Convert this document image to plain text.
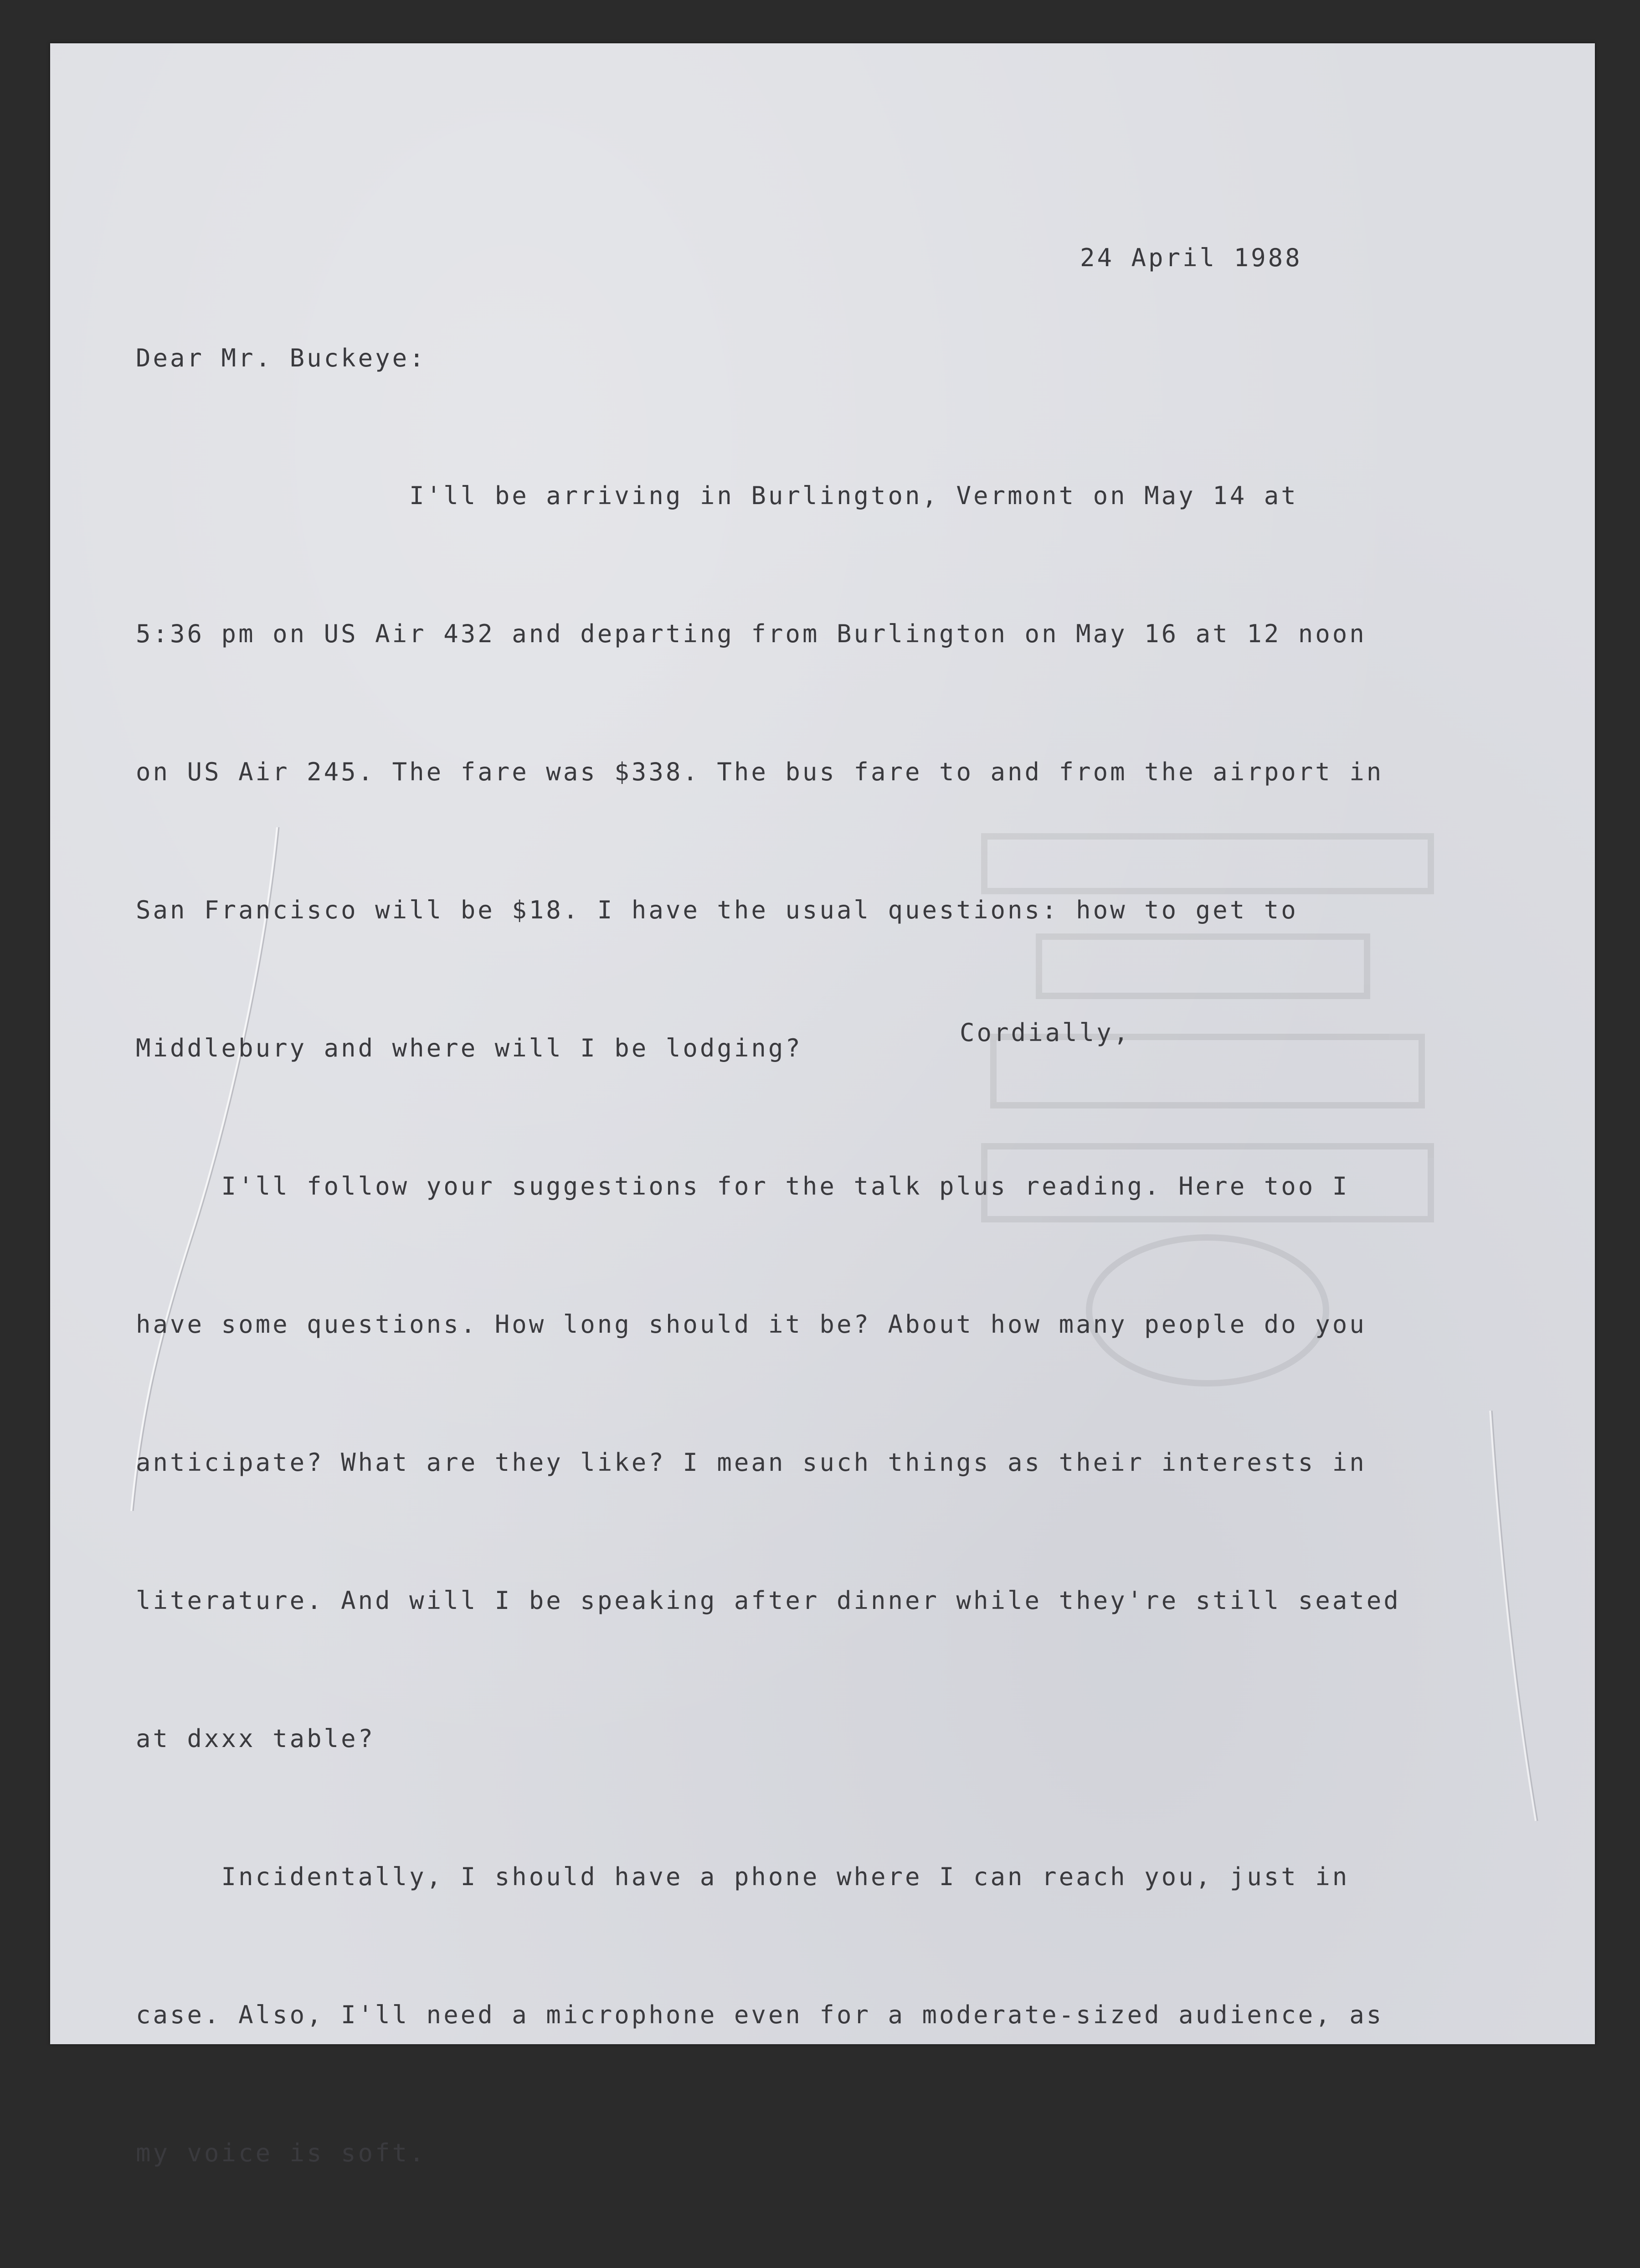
24 April 1988
Dear Mr. Buckeye:

I'll be arriving in Burlington, Vermont on May 14 at

5:36 pm on US Air 432 and departing from Burlington on May 16 at 12 noon

on US Air 245. The fare was $338. The bus fare to and from the airport in

San Francisco will be $18. I have the usual questions: how to get to

Middlebury and where will I be lodging?

I'll follow your suggestions for the talk plus reading. Here too I

have some questions. How long should it be? About how many people do you

anticipate? What are they like? I mean such things as their interests in

literature. And will I be speaking after dinner while they're still seated

at dxxx table?

Incidentally, I should have a phone where I can reach you, just in

case. Also, I'll need a microphone even for a moderate-sized audience, as

my voice is soft.

Cordially,
